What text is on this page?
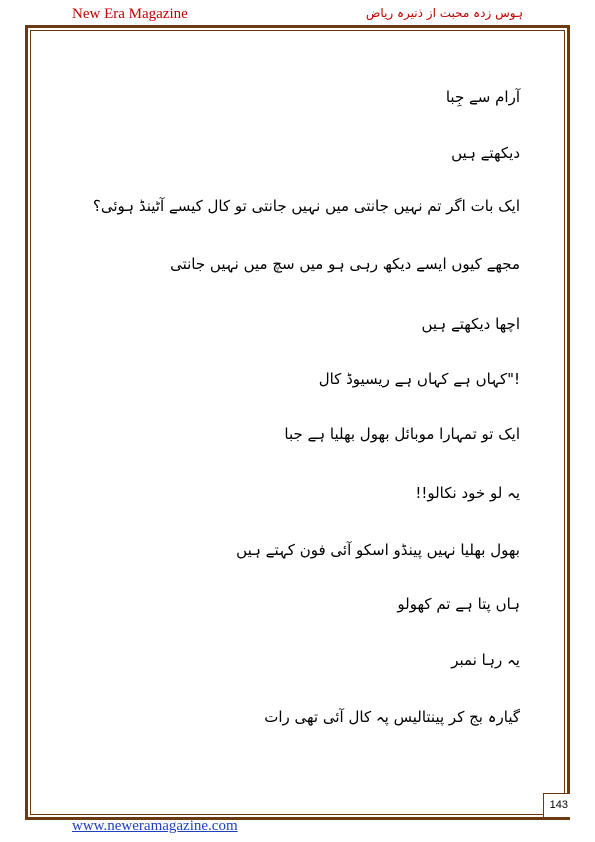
New Era Magazine	ہوس زدہ محبت از ذنیرہ ریاض
آرام سے جِبا
دیکھتے ہیں
ایک بات اگر تم نہیں جانتی میں نہیں جانتی تو کال کیسے آٹینڈ ہوئی؟
مجھے کیوں ایسے دیکھ رہی ہو میں سچ میں نہیں جانتی
اچھا دیکھتے ہیں
!"کہاں ہے کہاں ہے ریسیوڈ کال
ایک تو تمہارا موبائل بھول بھلیا ہے جبا
یہ لو خود نکالو!!
بھول بھلیا نہیں پینڈو اسکو آئی فون کہتے ہیں
ہاں پتا ہے تم کھولو
یہ رہا نمبر
گیارہ بج کر پینتالیس پہ کال آئی تھی رات
143
www.neweramagazine.com
